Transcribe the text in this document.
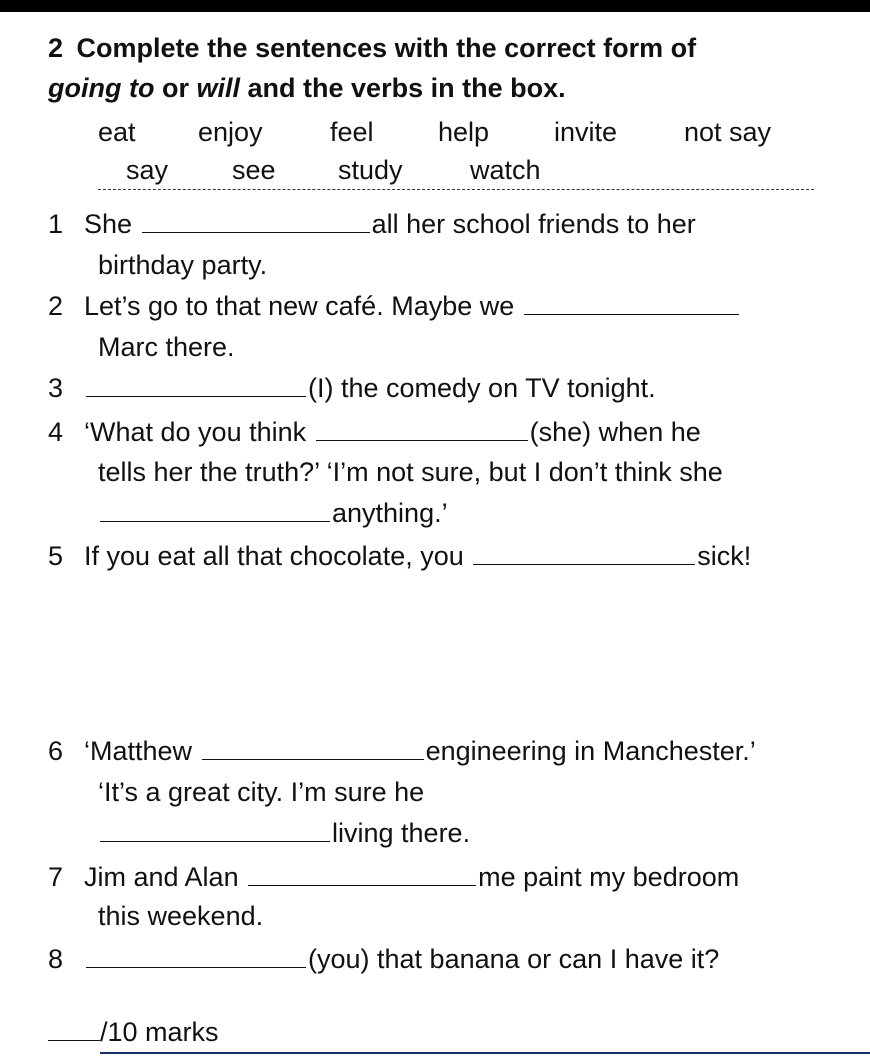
2 Complete the sentences with the correct form of
going to or will and the verbs in the box.
eat enjoy feel help invite not say
say see study watch

1 She	all her school friends to her

birthday party.

2 Let’s go to that new café. Maybe we

Marc there.

3	(I) the comedy on TV tonight.

4 ‘What do you think	(she) when he

tells her the truth?’ ‘I’m not sure, but I don’t think she

anything.’

5 If you eat all that chocolate, you	sick!

6 ‘Matthew	engineering in Manchester.’

‘It’s a great city. I’m sure he

living there.

7 Jim and Alan	me paint my bedroom

this weekend.

8	(you) that banana or can I have it?

/10 marks
